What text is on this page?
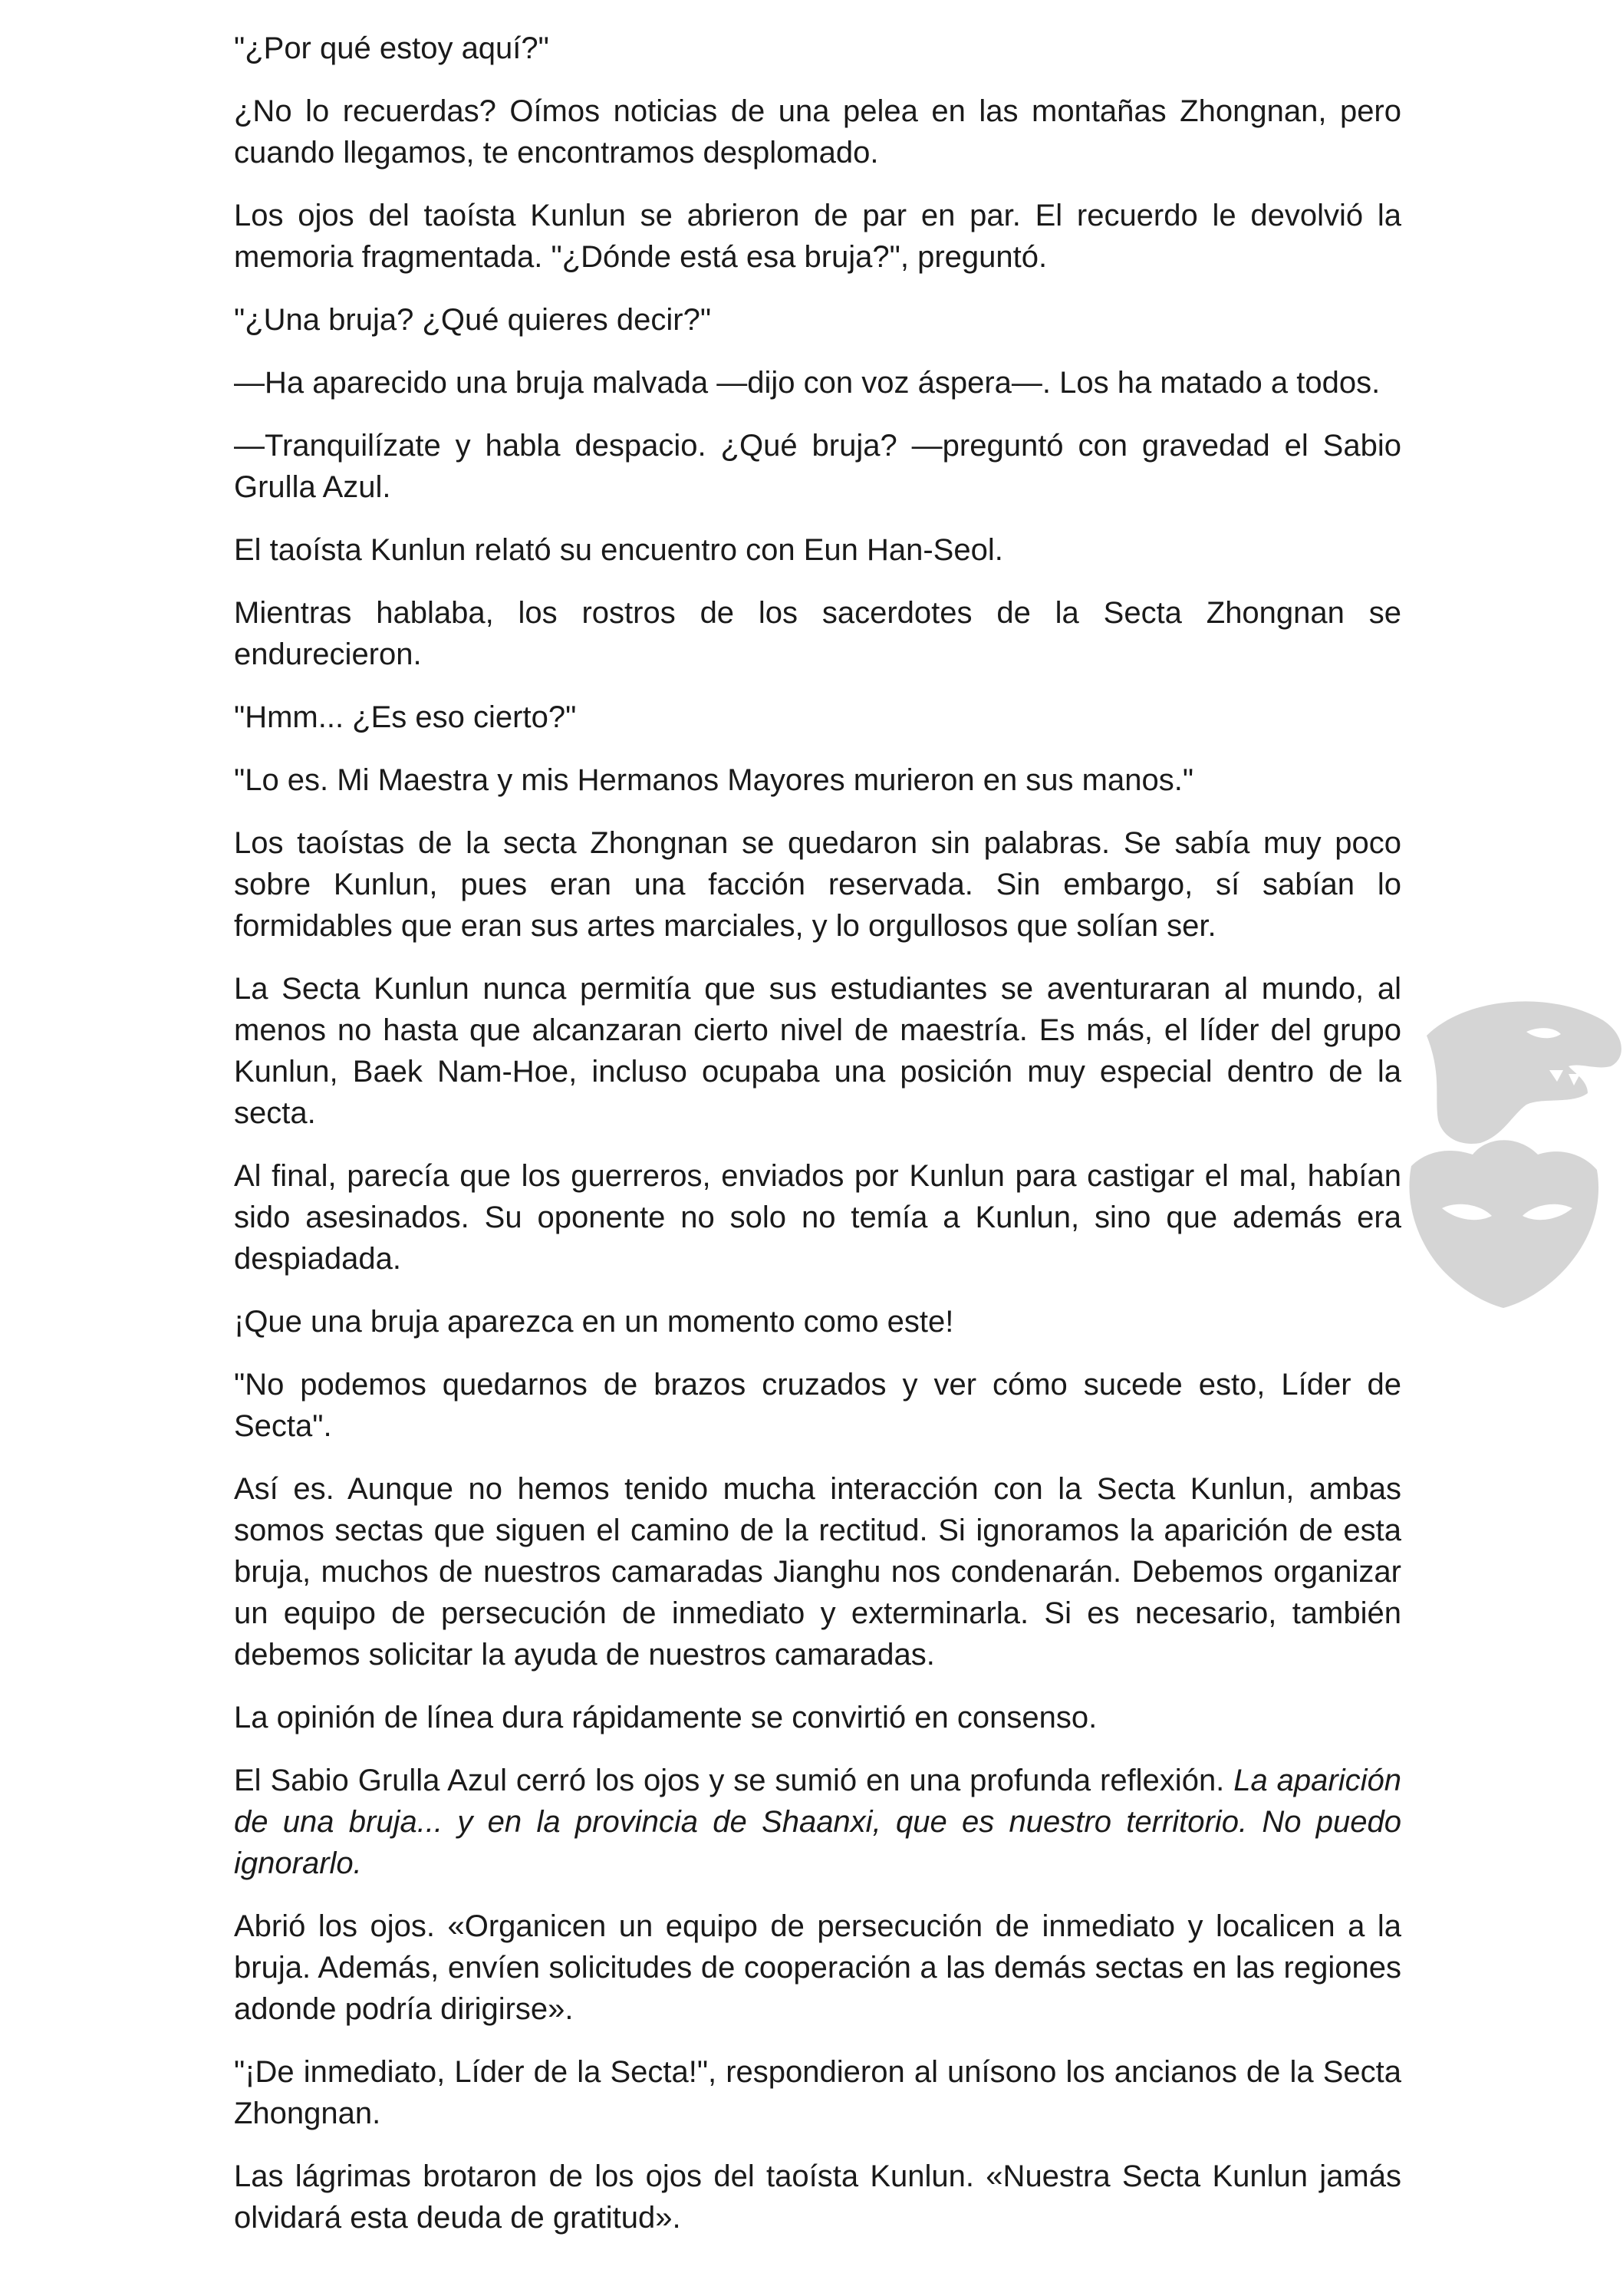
"¿Por qué estoy aquí?"

¿No lo recuerdas? Oímos noticias de una pelea en las montañas Zhongnan, pero cuando llegamos, te encontramos desplomado.

Los ojos del taoísta Kunlun se abrieron de par en par. El recuerdo le devolvió la memoria fragmentada. "¿Dónde está esa bruja?", preguntó.

"¿Una bruja? ¿Qué quieres decir?"

—Ha aparecido una bruja malvada —dijo con voz áspera—. Los ha matado a todos.

—Tranquilízate y habla despacio. ¿Qué bruja? —preguntó con gravedad el Sabio Grulla Azul.

El taoísta Kunlun relató su encuentro con Eun Han-Seol.

Mientras hablaba, los rostros de los sacerdotes de la Secta Zhongnan se endurecieron.

"Hmm... ¿Es eso cierto?"

"Lo es. Mi Maestra y mis Hermanos Mayores murieron en sus manos."

Los taoístas de la secta Zhongnan se quedaron sin palabras. Se sabía muy poco sobre Kunlun, pues eran una facción reservada. Sin embargo, sí sabían lo formidables que eran sus artes marciales, y lo orgullosos que solían ser.

La Secta Kunlun nunca permitía que sus estudiantes se aventuraran al mundo, al menos no hasta que alcanzaran cierto nivel de maestría. Es más, el líder del grupo Kunlun, Baek Nam-Hoe, incluso ocupaba una posición muy especial dentro de la secta.

Al final, parecía que los guerreros, enviados por Kunlun para castigar el mal, habían sido asesinados. Su oponente no solo no temía a Kunlun, sino que además era despiadada.

¡Que una bruja aparezca en un momento como este!

"No podemos quedarnos de brazos cruzados y ver cómo sucede esto, Líder de Secta".

Así es. Aunque no hemos tenido mucha interacción con la Secta Kunlun, ambas somos sectas que siguen el camino de la rectitud. Si ignoramos la aparición de esta bruja, muchos de nuestros camaradas Jianghu nos condenarán. Debemos organizar un equipo de persecución de inmediato y exterminarla. Si es necesario, también debemos solicitar la ayuda de nuestros camaradas.

La opinión de línea dura rápidamente se convirtió en consenso.

El Sabio Grulla Azul cerró los ojos y se sumió en una profunda reflexión. La aparición de una bruja... y en la provincia de Shaanxi, que es nuestro territorio. No puedo ignorarlo.

Abrió los ojos. «Organicen un equipo de persecución de inmediato y localicen a la bruja. Además, envíen solicitudes de cooperación a las demás sectas en las regiones adonde podría dirigirse».

"¡De inmediato, Líder de la Secta!", respondieron al unísono los ancianos de la Secta Zhongnan.

Las lágrimas brotaron de los ojos del taoísta Kunlun. «Nuestra Secta Kunlun jamás olvidará esta deuda de gratitud».
